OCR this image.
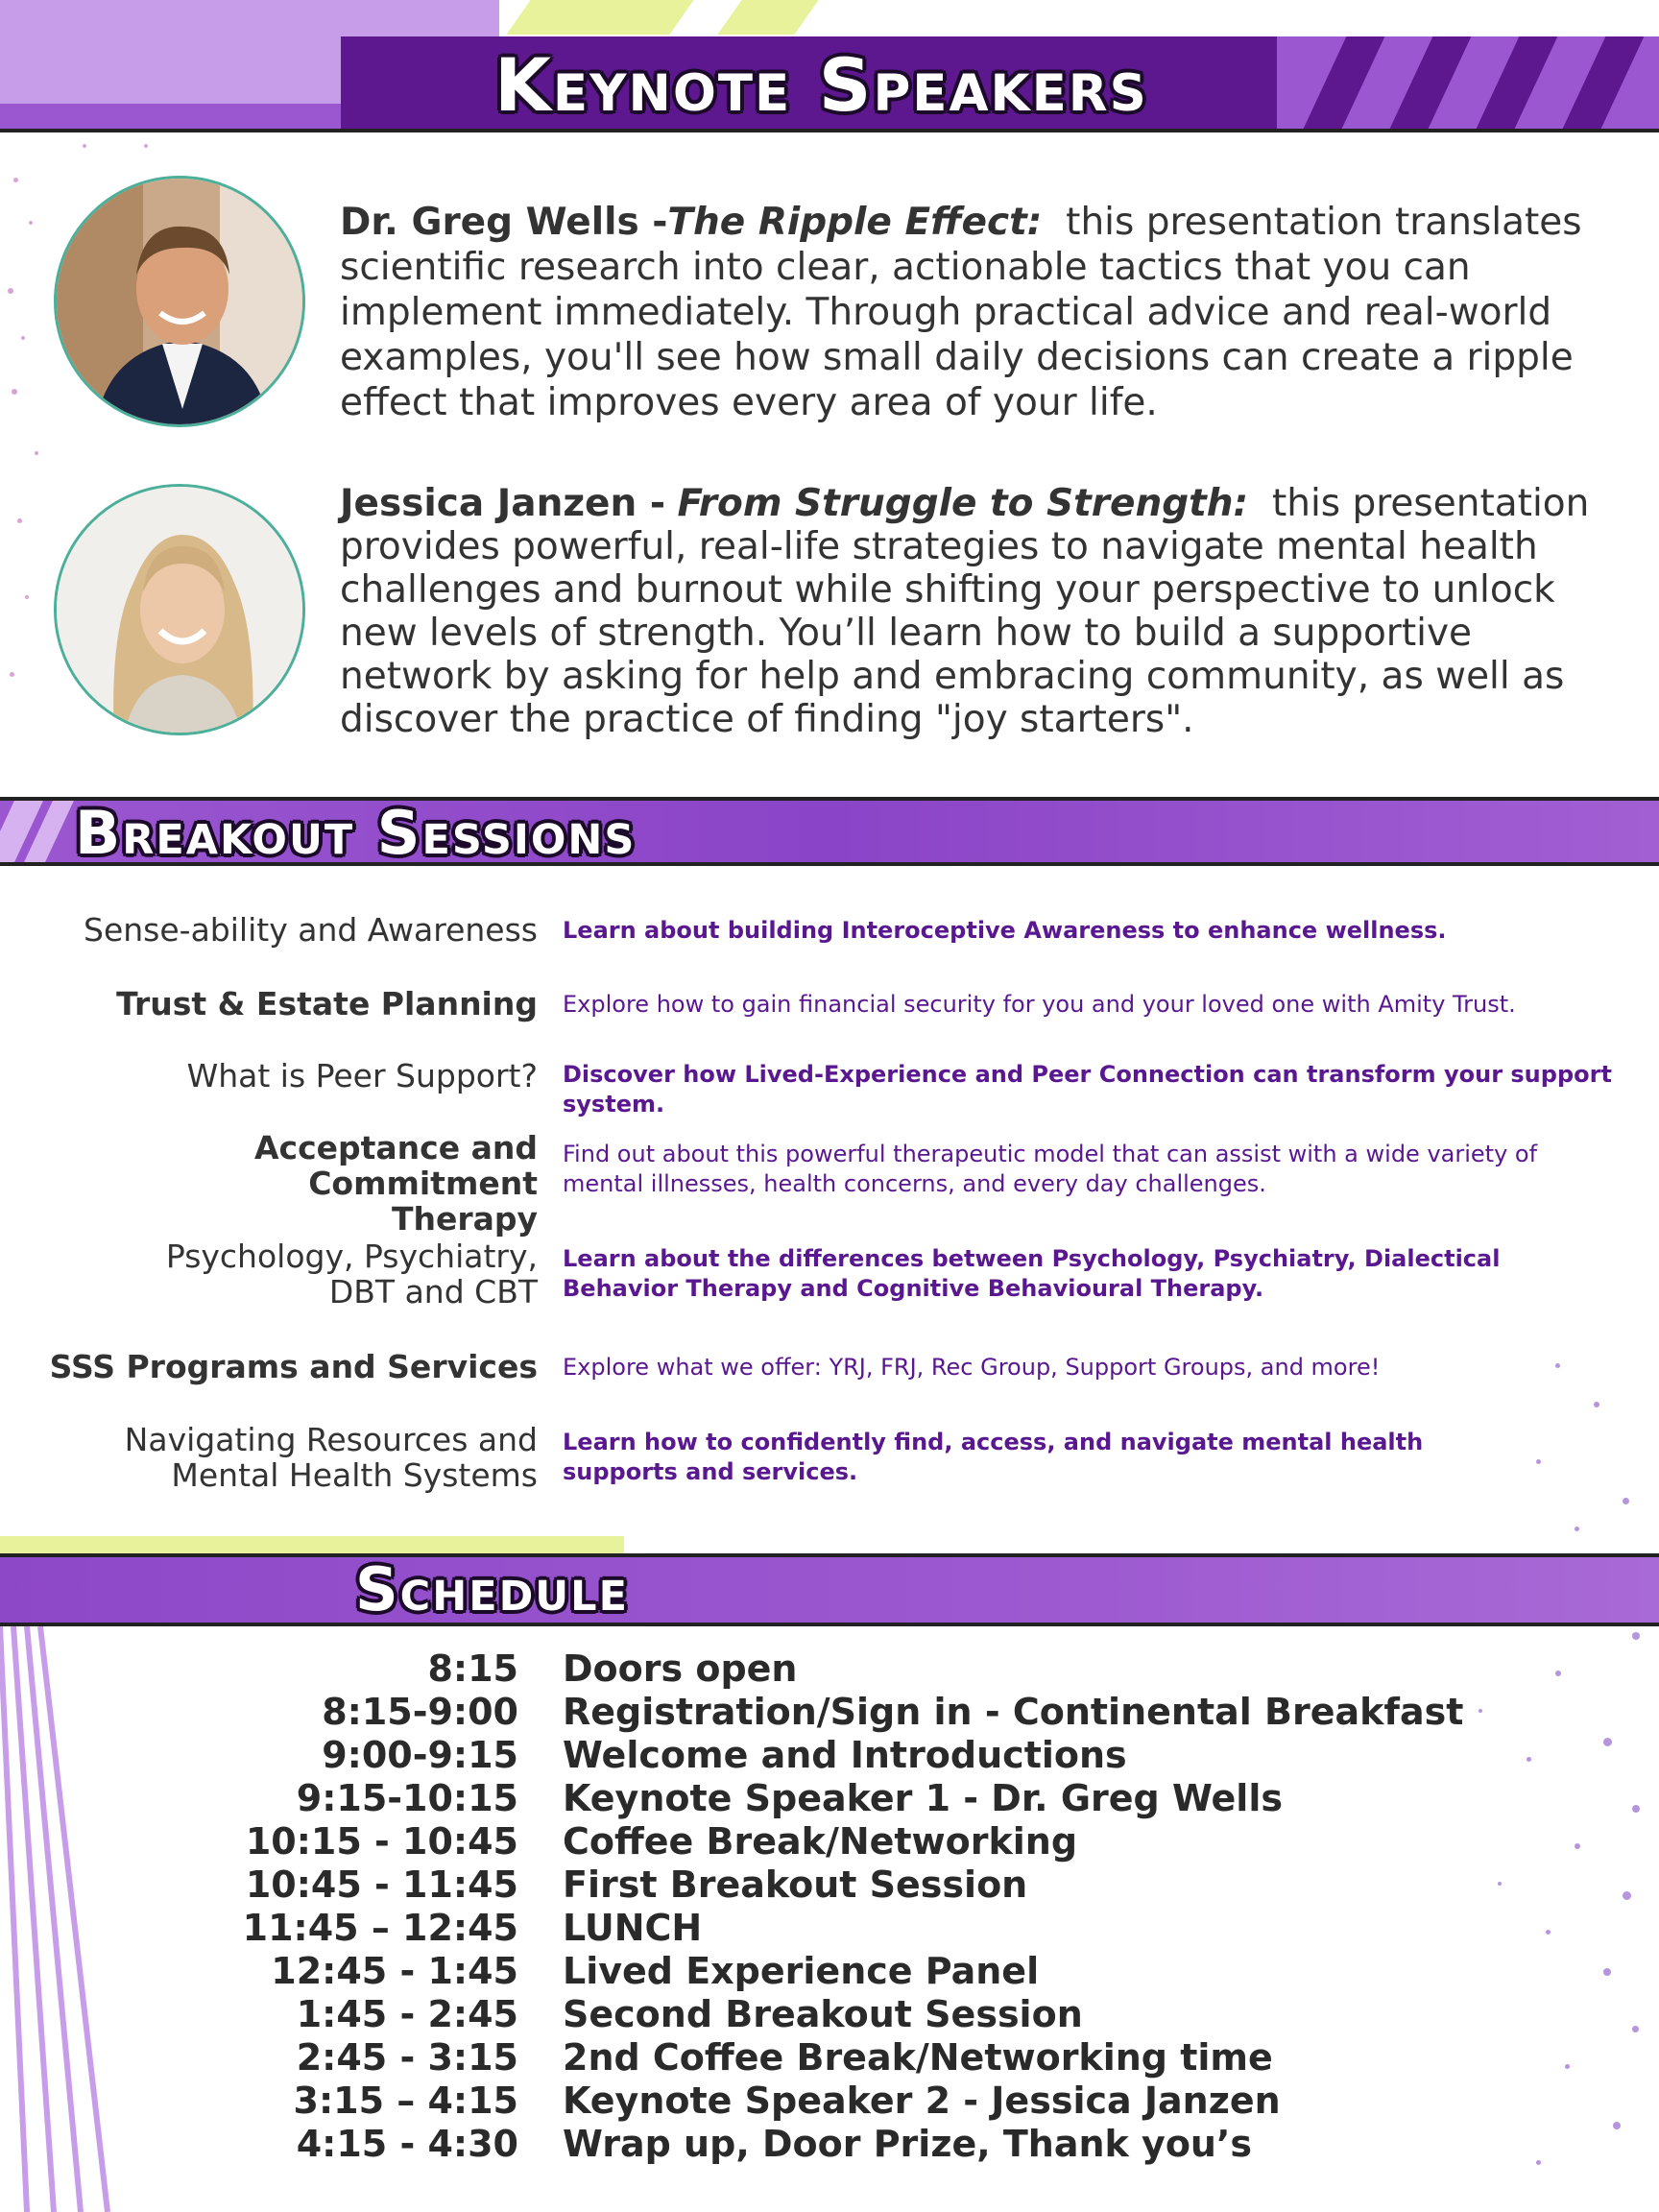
Keynote Speakers
Dr. Greg Wells -The Ripple Effect: this presentation translates scientific research into clear, actionable tactics that you can implement immediately. Through practical advice and real-world examples, you'll see how small daily decisions can create a ripple effect that improves every area of your life.
Jessica Janzen - From Struggle to Strength: this presentation provides powerful, real-life strategies to navigate mental health challenges and burnout while shifting your perspective to unlock new levels of strength. You’ll learn how to build a supportive network by asking for help and embracing community, as well as discover the practice of finding "joy starters".
Breakout Sessions
Sense-ability and Awareness Learn about building Interoceptive Awareness to enhance wellness.
Trust & Estate Planning Explore how to gain financial security for you and your loved one with Amity Trust.
What is Peer Support? Discover how Lived-Experience and Peer Connection can transform your support system.
Acceptance and Commitment Therapy
Find out about this powerful therapeutic model that can assist with a wide variety of mental illnesses, health concerns, and every day challenges.
Psychology, Psychiatry, DBT and CBT
Learn about the differences between Psychology, Psychiatry, Dialectical Behavior Therapy and Cognitive Behavioural Therapy.
SSS Programs and Services Explore what we offer: YRJ, FRJ, Rec Group, Support Groups, and more!
Navigating Resources and Mental Health Systems
Learn how to confidently find, access, and navigate mental health supports and services.
Schedule
8:15 Doors open
8:15-9:00 Registration/Sign in - Continental Breakfast
9:00-9:15 Welcome and Introductions
9:15-10:15 Keynote Speaker 1 - Dr. Greg Wells
10:15 - 10:45 Coffee Break/Networking
10:45 - 11:45 First Breakout Session
11:45 – 12:45 LUNCH
12:45 - 1:45 Lived Experience Panel
1:45 - 2:45 Second Breakout Session
2:45 - 3:15 2nd Coffee Break/Networking time
3:15 – 4:15 Keynote Speaker 2 - Jessica Janzen
4:15 - 4:30 Wrap up, Door Prize, Thank you’s
